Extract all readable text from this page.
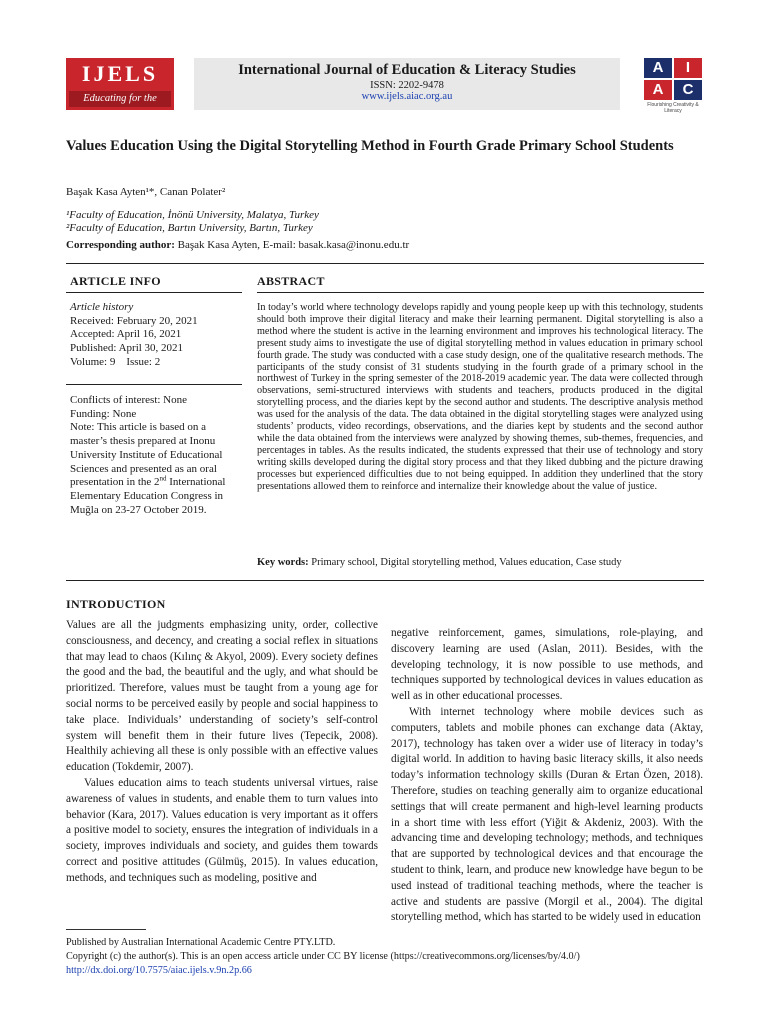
IJELS
Educating for the Future
International Journal of Education & Literacy Studies
ISSN: 2202-9478
www.ijels.aiac.org.au
A	I
A	C
Flourishing Creativity & Literacy
Values Education Using the Digital Storytelling Method in Fourth Grade Primary School Students
Başak Kasa Ayten¹*, Canan Polater²
¹Faculty of Education, İnönü University, Malatya, Turkey
²Faculty of Education, Bartın University, Bartın, Turkey
Corresponding author: Başak Kasa Ayten, E-mail: basak.kasa@inonu.edu.tr
ARTICLE INFO	ABSTRACT
Article history
Received: February 20, 2021
Accepted: April 16, 2021
Published: April 30, 2021
Volume: 9    Issue: 2
Conflicts of interest: None
Funding: None
Note: This article is based on a master’s thesis prepared at Inonu University Institute of Educational Sciences and presented as an oral presentation in the 2nd International Elementary Education Congress in Muğla on 23-27 October 2019.
In today’s world where technology develops rapidly and young people keep up with this technology, students should both improve their digital literacy and make their learning permanent. Digital storytelling is also a method where the student is active in the learning environment and improves his technological literacy. The present study aims to investigate the use of digital storytelling method in values education in primary school fourth grade. The study was conducted with a case study design, one of the qualitative research methods. The participants of the study consist of 31 students studying in the fourth grade of a primary school in the northwest of Turkey in the spring semester of the 2018-2019 academic year. The data were collected through observations, semi-structured interviews with students and teachers, products produced in the digital storytelling process, and the diaries kept by the second author and students. The descriptive analysis method was used for the analysis of the data. The data obtained in the digital storytelling stages were analyzed using students’ products, video recordings, observations, and the diaries kept by students and the second author while the data obtained from the interviews were analyzed by showing themes, sub-themes, frequencies, and percentages in tables. As the results indicated, the students expressed that their use of technology and story writing skills developed during the digital story process and that they liked dubbing and the picture drawing processes but experienced difficulties due to not being equipped. In addition they underlined that the story presentations allowed them to reinforce and internalize their knowledge about the value of justice.
Key words: Primary school, Digital storytelling method, Values education, Case study
INTRODUCTION

Values are all the judgments emphasizing unity, order, collective consciousness, and decency, and creating a social reflex in situations that may lead to chaos (Kılınç & Akyol, 2009). Every society defines the good and the bad, the beautiful and the ugly, and what should be prioritized. Therefore, values must be taught from a young age for social norms to be perceived easily by people and social happiness to take place. Individuals’ understanding of society’s self-control system will benefit them in their future lives (Tepecik, 2008). Healthily achieving all these is only possible with an effective values education (Tokdemir, 2007).

Values education aims to teach students universal virtues, raise awareness of values in students, and enable them to turn values into behavior (Kara, 2017). Values education is very important as it offers a positive model to society, ensures the integration of individuals in a society, improves individuals and society, and guides them towards correct and positive attitudes (Gülmüş, 2015). In values education, methods, and techniques such as modeling, positive and

negative reinforcement, games, simulations, role-playing, and discovery learning are used (Aslan, 2011). Besides, with the developing technology, it is now possible to use methods, and techniques supported by technological devices in values education as well as in other educational processes.

With internet technology where mobile devices such as computers, tablets and mobile phones can exchange data (Aktay, 2017), technology has taken over a wider use of literacy in today’s digital world. In addition to having basic literacy skills, it also needs today’s information technology skills (Duran & Ertan Özen, 2018). Therefore, studies on teaching generally aim to organize educational settings that will create permanent and high-level learning products in a short time with less effort (Yiğit & Akdeniz, 2003). With the advancing time and developing technology; methods, and techniques that are supported by technological devices and that encourage the student to think, learn, and produce new knowledge have begun to be used instead of traditional teaching methods, where the teacher is active and students are passive (Morgil et al., 2004). The digital storytelling method, which has started to be widely used in education

Published by Australian International Academic Centre PTY.LTD.
Copyright (c) the author(s). This is an open access article under CC BY license (https://creativecommons.org/licenses/by/4.0/)
http://dx.doi.org/10.7575/aiac.ijels.v.9n.2p.66
